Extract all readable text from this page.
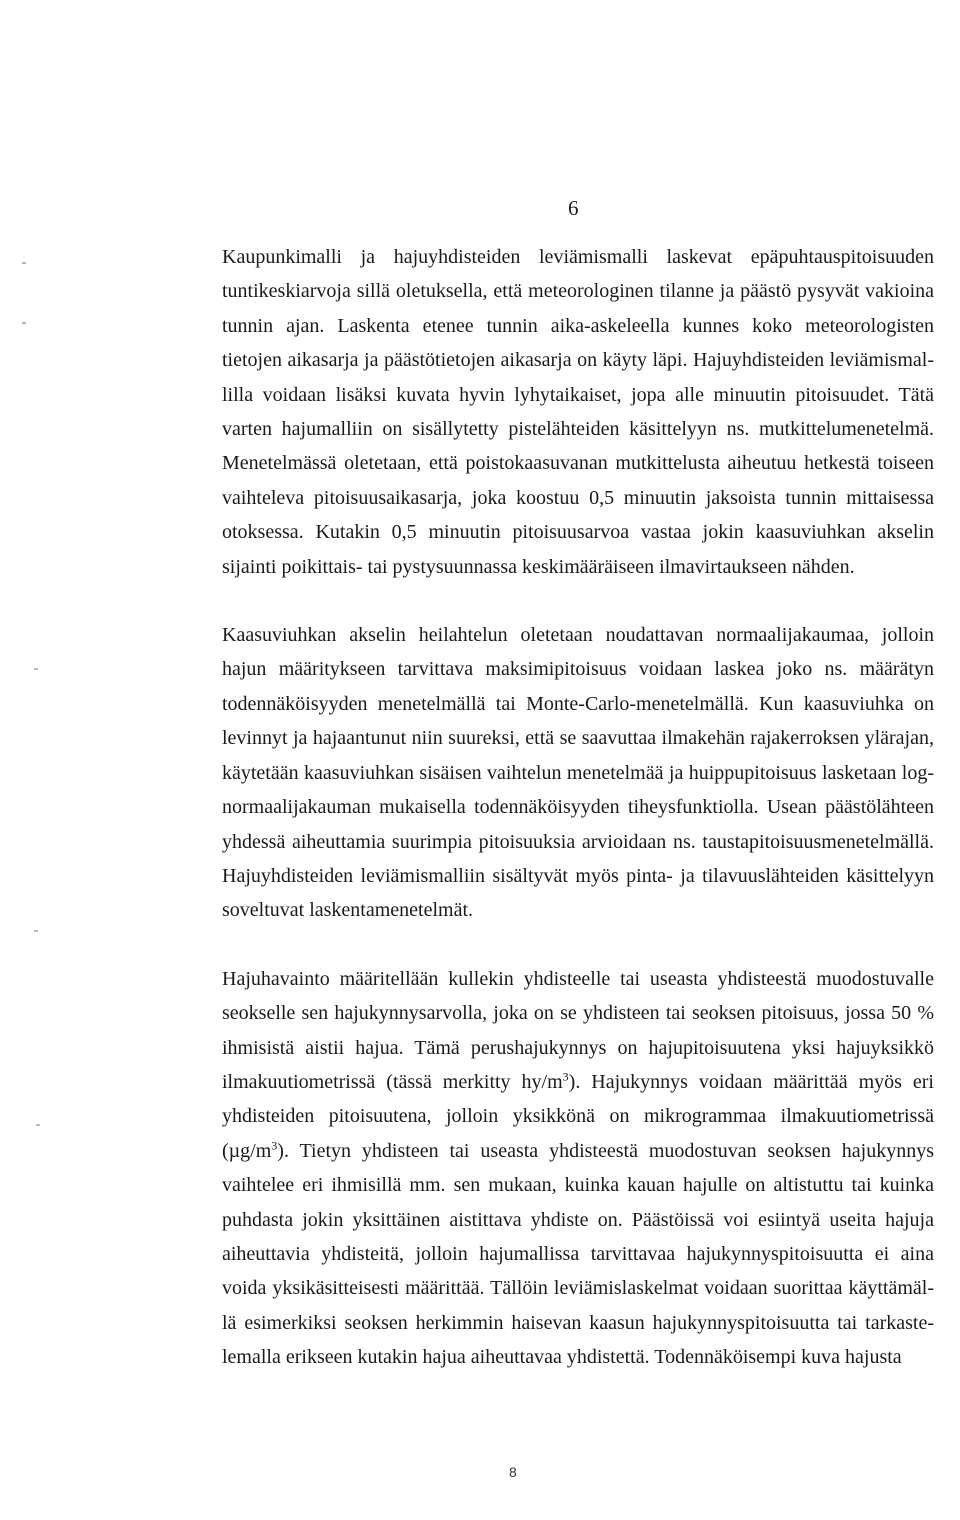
6

Kaupunkimalli ja hajuyhdisteiden leviämismalli laskevat epäpuhtauspitoisuuden tuntikeskiarvoja sillä oletuksella, että meteorologinen tilanne ja päästö pysyvät vakioina tunnin ajan. Laskenta etenee tunnin aika-askeleella kunnes koko meteorologisten tietojen aikasarja ja päästötietojen aikasarja on käyty läpi. Hajuyhdisteiden leviämismallilla voidaan lisäksi kuvata hyvin lyhytaikaiset, jopa alle minuutin pitoisuudet. Tätä varten hajumalliin on sisällytetty pistelähteiden käsittelyyn ns. mutkittelumenetelmä. Menetelmässä oletetaan, että poistokaasuvanan mutkittelusta aiheutuu hetkestä toiseen vaihteleva pitoisuusaikasarja, joka koostuu 0,5 minuutin jaksoista tunnin mittaisessa otoksessa. Kutakin 0,5 minuutin pitoisuusarvoa vastaa jokin kaasuviuhkan akselin sijainti poikittais- tai pystysuunnassa keskimääräiseen ilmavirtaukseen nähden.

Kaasuviuhkan akselin heilahtelun oletetaan noudattavan normaalijakaumaa, jolloin hajun määritykseen tarvittava maksimipitoisuus voidaan laskea joko ns. määrätyn todennäköisyyden menetelmällä tai Monte-Carlo-menetelmällä. Kun kaasuviuhka on levinnyt ja hajaantunut niin suureksi, että se saavuttaa ilmakehän rajakerroksen ylärajan, käytetään kaasuviuhkan sisäisen vaihtelun menetelmää ja huippupitoisuus lasketaan log-normaalijakauman mukaisella todennäköisyyden tiheysfunktiolla. Usean päästölähteen yhdessä aiheuttamia suurimpia pitoisuuksia arvioidaan ns. taustapitoisuusmenetelmällä. Hajuyhdisteiden leviämismalliin sisältyvät myös pinta- ja tilavuuslähteiden käsittelyyn soveltuvat laskentamenetelmät.

Hajuhavainto määritellään kullekin yhdisteelle tai useasta yhdisteestä muodostuvalle seokselle sen hajukynnysarvolla, joka on se yhdisteen tai seoksen pitoisuus, jossa 50 % ihmisistä aistii hajua. Tämä perushajukynnys on hajupitoisuutena yksi hajuyksikkö ilmakuutiometrissä (tässä merkitty $hy/m^3$). Hajukynnys voidaan määrittää myös eri yhdisteiden pitoisuutena, jolloin yksikkönä on mikrogrammaa ilmakuutiometrissä $(\mu g/m^3)$. Tietyn yhdisteen tai useasta yhdisteestä muodostuvan seoksen hajukynnys vaihtelee eri ihmisillä mm. sen mukaan, kuinka kauan hajulle on altistuttu tai kuinka puhdasta jokin yksittäinen aistittava yhdiste on. Päästöissä voi esiintyä useita hajuja aiheuttavia yhdisteitä, jolloin hajumallissa tarvittavaa hajukynnyspitoisuutta ei aina voida yksikäsitteisesti määrittää. Tällöin leviämislaskelmat voidaan suorittaa käyttämällä esimerkiksi seoksen herkimmin haisevan kaasun hajukynnyspitoisuutta tai tarkastelemalla erikseen kutakin hajua aiheuttavaa yhdistettä. Todennäköisempi kuva hajusta

8
